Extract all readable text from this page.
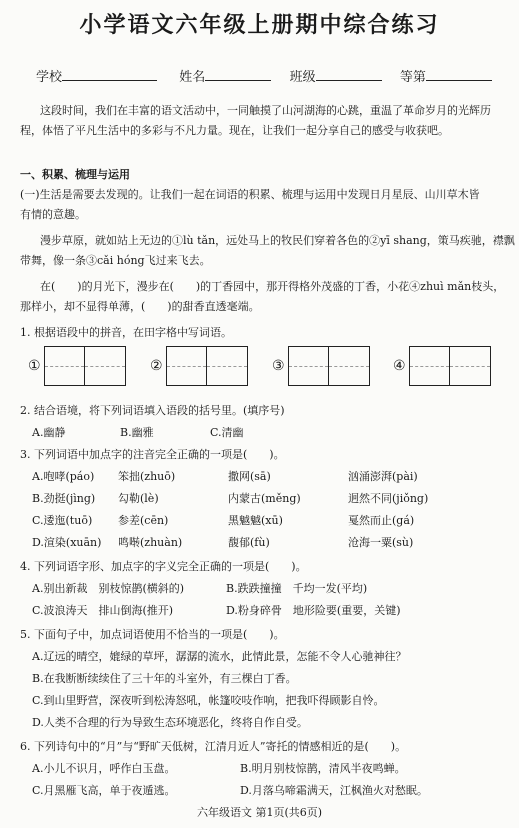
小学语文六年级上册期中综合练习
学校	姓名	班级	等第
这段时间，我们在丰富的语文活动中，一同触摸了山河湖海的心跳，重温了革命岁月的光辉历
程，体悟了平凡生活中的多彩与不凡力量。现在，让我们一起分享自己的感受与收获吧。
一、积累、梳理与运用
(一)生活是需要去发现的。让我们一起在词语的积累、梳理与运用中发现日月星辰、山川草木皆
有情的意趣。
漫步草原，就如站上无边的①lù tǎn，远处马上的牧民们穿着各色的②yī shang，策马疾驰，襟飘
带舞，像一条③cǎi hóng飞过来飞去。
在(　　)的月光下，漫步在(　　)的丁香园中，那开得格外茂盛的丁香，小花④zhuì mǎn枝头，
那样小，却不显得单薄，(　　)的甜香直透毫端。
1. 根据语段中的拼音，在田字格中写词语。
①	②	③	④
2. 结合语境，将下列词语填入语段的括号里。(填序号)
A.幽静	B.幽雅	C.清幽
3. 下列词语中加点字的注音完全正确的一项是(　　)。
A.咆哮(páo) 笨拙(zhuō)	撒网(sā)	汹涌澎湃(pài)
B.劲挺(jìng) 勾勒(lè)	内蒙古(měng)	迥然不同(jiǒng)
C.逶迤(tuō) 参差(cēn)	黑魆魆(xū)	戛然而止(gá)
D.渲染(xuān) 鸣啭(zhuàn)	馥郁(fù)	沧海一粟(sù)
4. 下列词语字形、加点字的字义完全正确的一项是(　　)。
A.别出新裁　别枝惊鹊(横斜的)	B.跌跌撞撞　千均一发(平均)
C.波浪涛天　排山倒海(推开)	D.粉身碎骨　地形险要(重要，关键)
5. 下面句子中，加点词语使用不恰当的一项是(　　)。
A.辽远的晴空，媲绿的草坪，潺潺的流水，此情此景，怎能不令人心驰神往？
B.在我断断续续住了三十年的斗室外，有三棵白丁香。
C.到山里野营，深夜听到松涛怒吼，帐篷咬吱作响，把我吓得顾影自怜。
D.人类不合理的行为导致生态环境恶化，终将自作自受。
6. 下列诗句中的“月”与“野旷天低树，江清月近人”寄托的情感相近的是(　　)。
A.小儿不识月，呼作白玉盘。	B.明月别枝惊鹊，清风半夜鸣蝉。
C.月黑雁飞高，单于夜遁逃。	D.月落乌啼霜满天，江枫渔火对愁眠。
六年级语文 第1页(共6页)
